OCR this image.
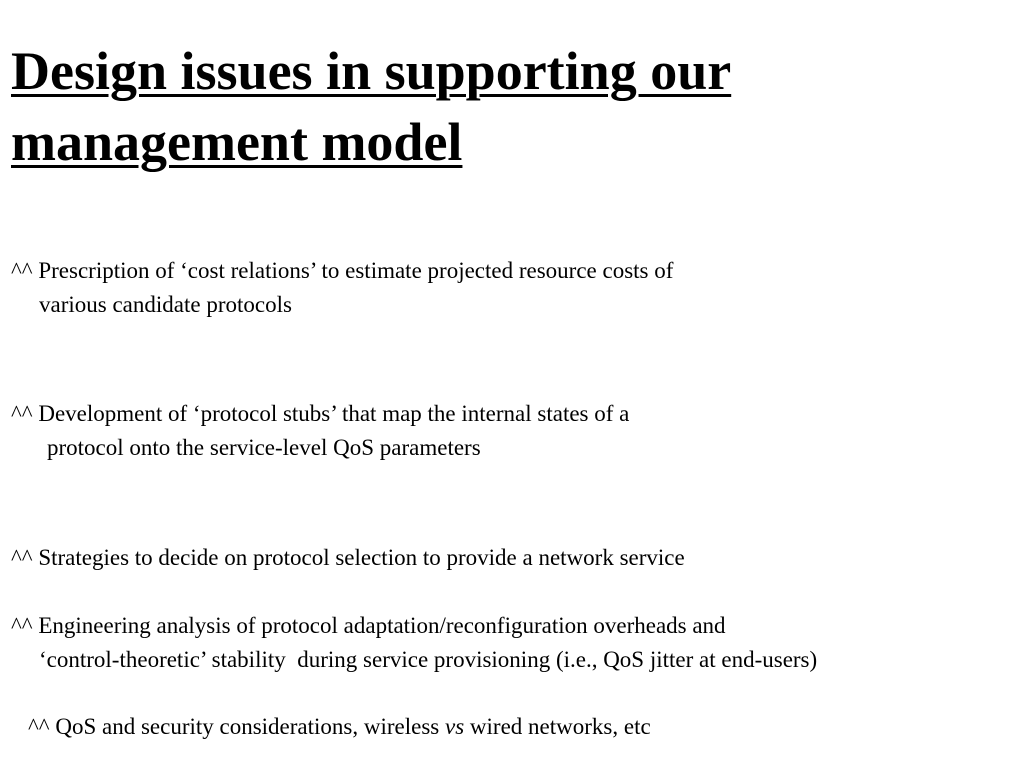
Design issues in supporting our
management model

^^ Prescription of ‘cost relations’ to estimate projected resource costs of
various candidate protocols

^^ Development of ‘protocol stubs’ that map the internal states of a
protocol onto the service-level QoS parameters

^^ Strategies to decide on protocol selection to provide a network service

^^ Engineering analysis of protocol adaptation/reconfiguration overheads and
‘control-theoretic’ stability  during service provisioning (i.e., QoS jitter at end-users)

^^ QoS and security considerations, wireless vs wired networks, etc
